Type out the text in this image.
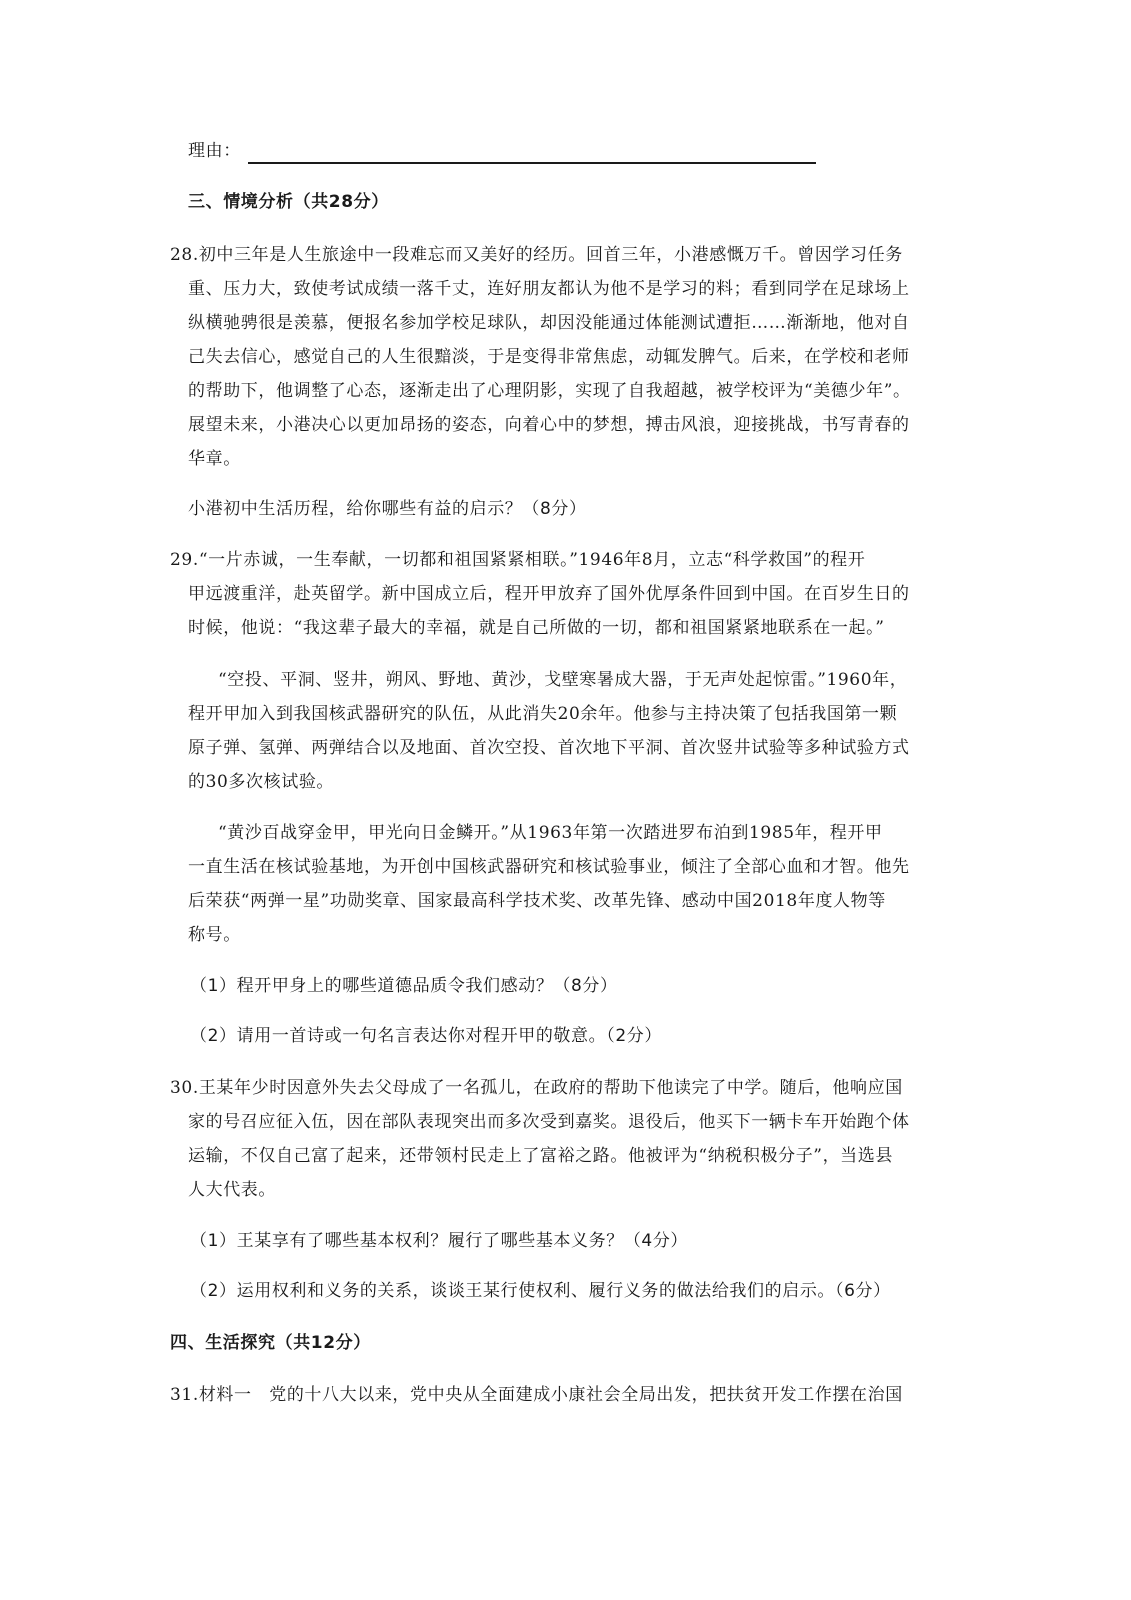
理由：
三、情境分析（共28分）
28.初中三年是人生旅途中一段难忘而又美好的经历。回首三年，小港感慨万千。曾因学习任务
重、压力大，致使考试成绩一落千丈，连好朋友都认为他不是学习的料；看到同学在足球场上
纵横驰骋很是羡慕，便报名参加学校足球队，却因没能通过体能测试遭拒……渐渐地，他对自
己失去信心，感觉自己的人生很黯淡，于是变得非常焦虑，动辄发脾气。后来，在学校和老师
的帮助下，他调整了心态，逐渐走出了心理阴影，实现了自我超越，被学校评为“美德少年”。
展望未来，小港决心以更加昂扬的姿态，向着心中的梦想，搏击风浪，迎接挑战，书写青春的
华章。
小港初中生活历程，给你哪些有益的启示？（8分）
29.“一片赤诚，一生奉献，一切都和祖国紧紧相联。”1946年8月，立志“科学救国”的程开
甲远渡重洋，赴英留学。新中国成立后，程开甲放弃了国外优厚条件回到中国。在百岁生日的
时候，他说：“我这辈子最大的幸福，就是自己所做的一切，都和祖国紧紧地联系在一起。”
“空投、平洞、竖井，朔风、野地、黄沙，戈壁寒暑成大器，于无声处起惊雷。”1960年，
程开甲加入到我国核武器研究的队伍，从此消失20余年。他参与主持决策了包括我国第一颗
原子弹、氢弹、两弹结合以及地面、首次空投、首次地下平洞、首次竖井试验等多种试验方式
的30多次核试验。
“黄沙百战穿金甲，甲光向日金鳞开。”从1963年第一次踏进罗布泊到1985年，程开甲
一直生活在核试验基地，为开创中国核武器研究和核试验事业，倾注了全部心血和才智。他先
后荣获“两弹一星”功勋奖章、国家最高科学技术奖、改革先锋、感动中国2018年度人物等
称号。
（1）程开甲身上的哪些道德品质令我们感动？（8分）
（2）请用一首诗或一句名言表达你对程开甲的敬意。（2分）
30.王某年少时因意外失去父母成了一名孤儿，在政府的帮助下他读完了中学。随后，他响应国
家的号召应征入伍，因在部队表现突出而多次受到嘉奖。退役后，他买下一辆卡车开始跑个体
运输，不仅自己富了起来，还带领村民走上了富裕之路。他被评为“纳税积极分子”，当选县
人大代表。
（1）王某享有了哪些基本权利？履行了哪些基本义务？（4分）
（2）运用权利和义务的关系，谈谈王某行使权利、履行义务的做法给我们的启示。（6分）
四、生活探究（共12分）
31.材料一　党的十八大以来，党中央从全面建成小康社会全局出发，把扶贫开发工作摆在治国
